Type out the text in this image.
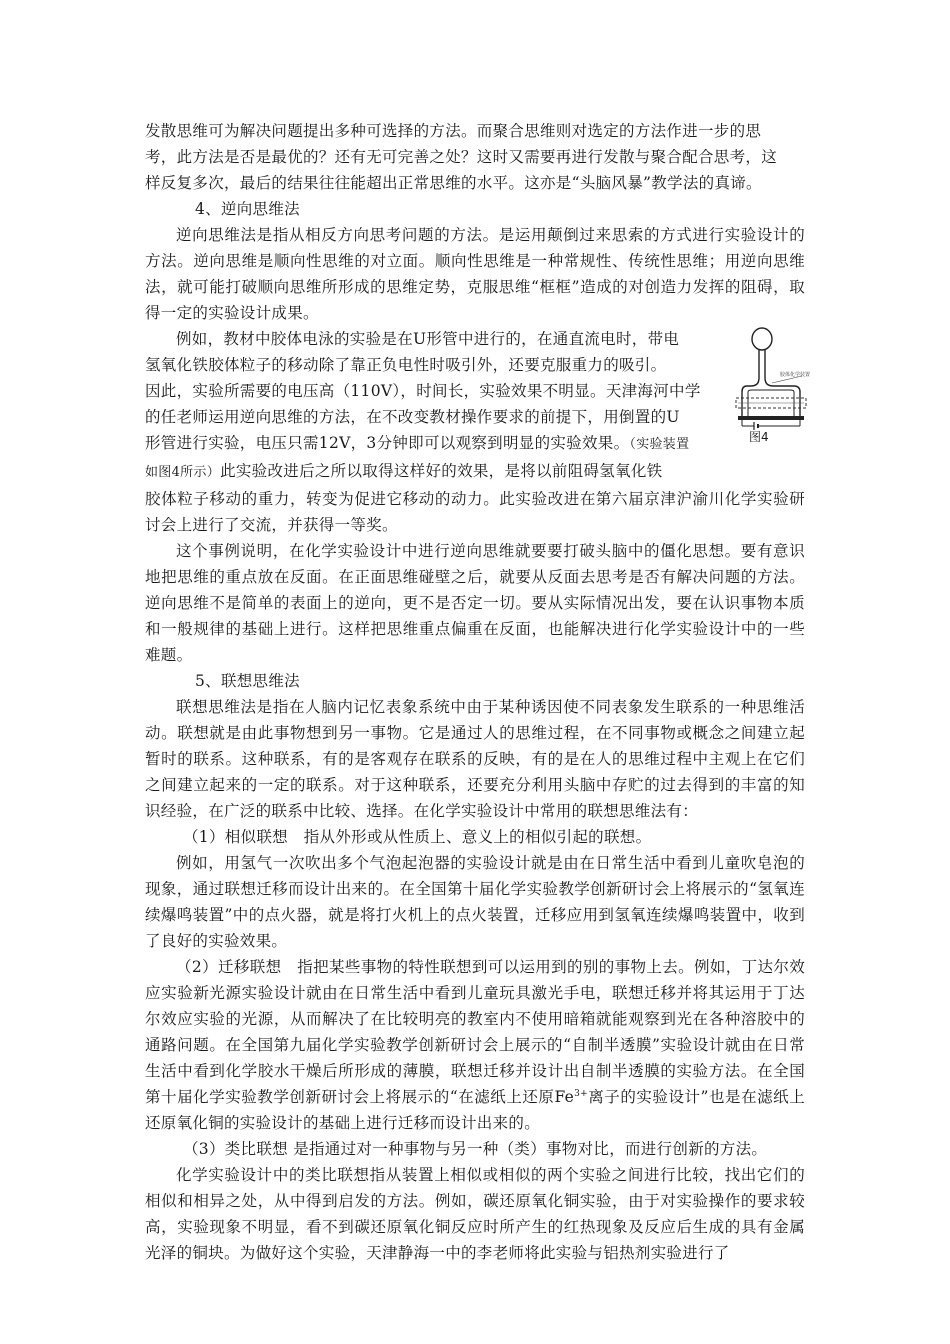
发散思维可为解决问题提出多种可选择的方法。而聚合思维则对选定的方法作进一步的思

考，此方法是否是最优的？还有无可完善之处？这时又需要再进行发散与聚合配合思考，这

样反复多次，最后的结果往往能超出正常思维的水平。这亦是“头脑风暴”教学法的真谛。

4、逆向思维法

逆向思维法是指从相反方向思考问题的方法。是运用颠倒过来思索的方式进行实验设计的方法。逆向思维是顺向性思维的对立面。顺向性思维是一种常规性、传统性思维；用逆向思维法，就可能打破顺向思维所形成的思维定势，克服思维“框框”造成的对创造力发挥的阻碍，取得一定的实验设计成果。

例如，教材中胶体电泳的实验是在U形管中进行的，在通直流电时，带电

氢氧化铁胶体粒子的移动除了靠正负电性时吸引外，还要克服重力的吸引。

因此，实验所需要的电压高（110V），时间长，实验效果不明显。天津海河中学

的任老师运用逆向思维的方法，在不改变教材操作要求的前提下，用倒置的U

形管进行实验，电压只需12V，3分钟即可以观察到明显的实验效果。（实验装置

如图4所示）此实验改进后之所以取得这样好的效果，是将以前阻碍氢氧化铁

胶体粒子移动的重力，转变为促进它移动的动力。此实验改进在第六届京津沪渝川化学实验研讨会上进行了交流，并获得一等奖。

这个事例说明，在化学实验设计中进行逆向思维就要要打破头脑中的僵化思想。要有意识地把思维的重点放在反面。在正面思维碰壁之后，就要从反面去思考是否有解决问题的方法。逆向思维不是简单的表面上的逆向，更不是否定一切。要从实际情况出发，要在认识事物本质和一般规律的基础上进行。这样把思维重点偏重在反面，也能解决进行化学实验设计中的一些难题。

5、联想思维法

联想思维法是指在人脑内记忆表象系统中由于某种诱因使不同表象发生联系的一种思维活动。联想就是由此事物想到另一事物。它是通过人的思维过程，在不同事物或概念之间建立起暂时的联系。这种联系，有的是客观存在联系的反映，有的是在人的思维过程中主观上在它们之间建立起来的一定的联系。对于这种联系，还要充分利用头脑中存贮的过去得到的丰富的知识经验，在广泛的联系中比较、选择。在化学实验设计中常用的联想思维法有：

（1）相似联想　指从外形或从性质上、意义上的相似引起的联想。

例如，用氢气一次吹出多个气泡起泡器的实验设计就是由在日常生活中看到儿童吹皂泡的现象，通过联想迁移而设计出来的。在全国第十届化学实验教学创新研讨会上将展示的“氢氧连续爆鸣装置”中的点火器，就是将打火机上的点火装置，迁移应用到氢氧连续爆鸣装置中，收到了良好的实验效果。

（2）迁移联想　指把某些事物的特性联想到可以运用到的别的事物上去。例如，丁达尔效应实验新光源实验设计就由在日常生活中看到儿童玩具激光手电，联想迁移并将其运用于丁达尔效应实验的光源，从而解决了在比较明亮的教室内不使用暗箱就能观察到光在各种溶胶中的通路问题。在全国第九届化学实验教学创新研讨会上展示的“自制半透膜”实验设计就由在日常生活中看到化学胶水干燥后所形成的薄膜，联想迁移并设计出自制半透膜的实验方法。在全国第十届化学实验教学创新研讨会上将展示的“在滤纸上还原$Fe^{3+}$离子的实验设计”也是在滤纸上还原氧化铜的实验设计的基础上进行迁移而设计出来的。

（3）类比联想 是指通过对一种事物与另一种（类）事物对比，而进行创新的方法。

化学实验设计中的类比联想指从装置上相似或相似的两个实验之间进行比较，找出它们的相似和相异之处，从中得到启发的方法。例如，碳还原氧化铜实验，由于对实验操作的要求较高，实验现象不明显，看不到碳还原氧化铜反应时所产生的红热现象及反应后生成的具有金属光泽的铜块。为做好这个实验，天津静海一中的李老师将此实验与铝热剂实验进行了

胶体化学装置
图4
